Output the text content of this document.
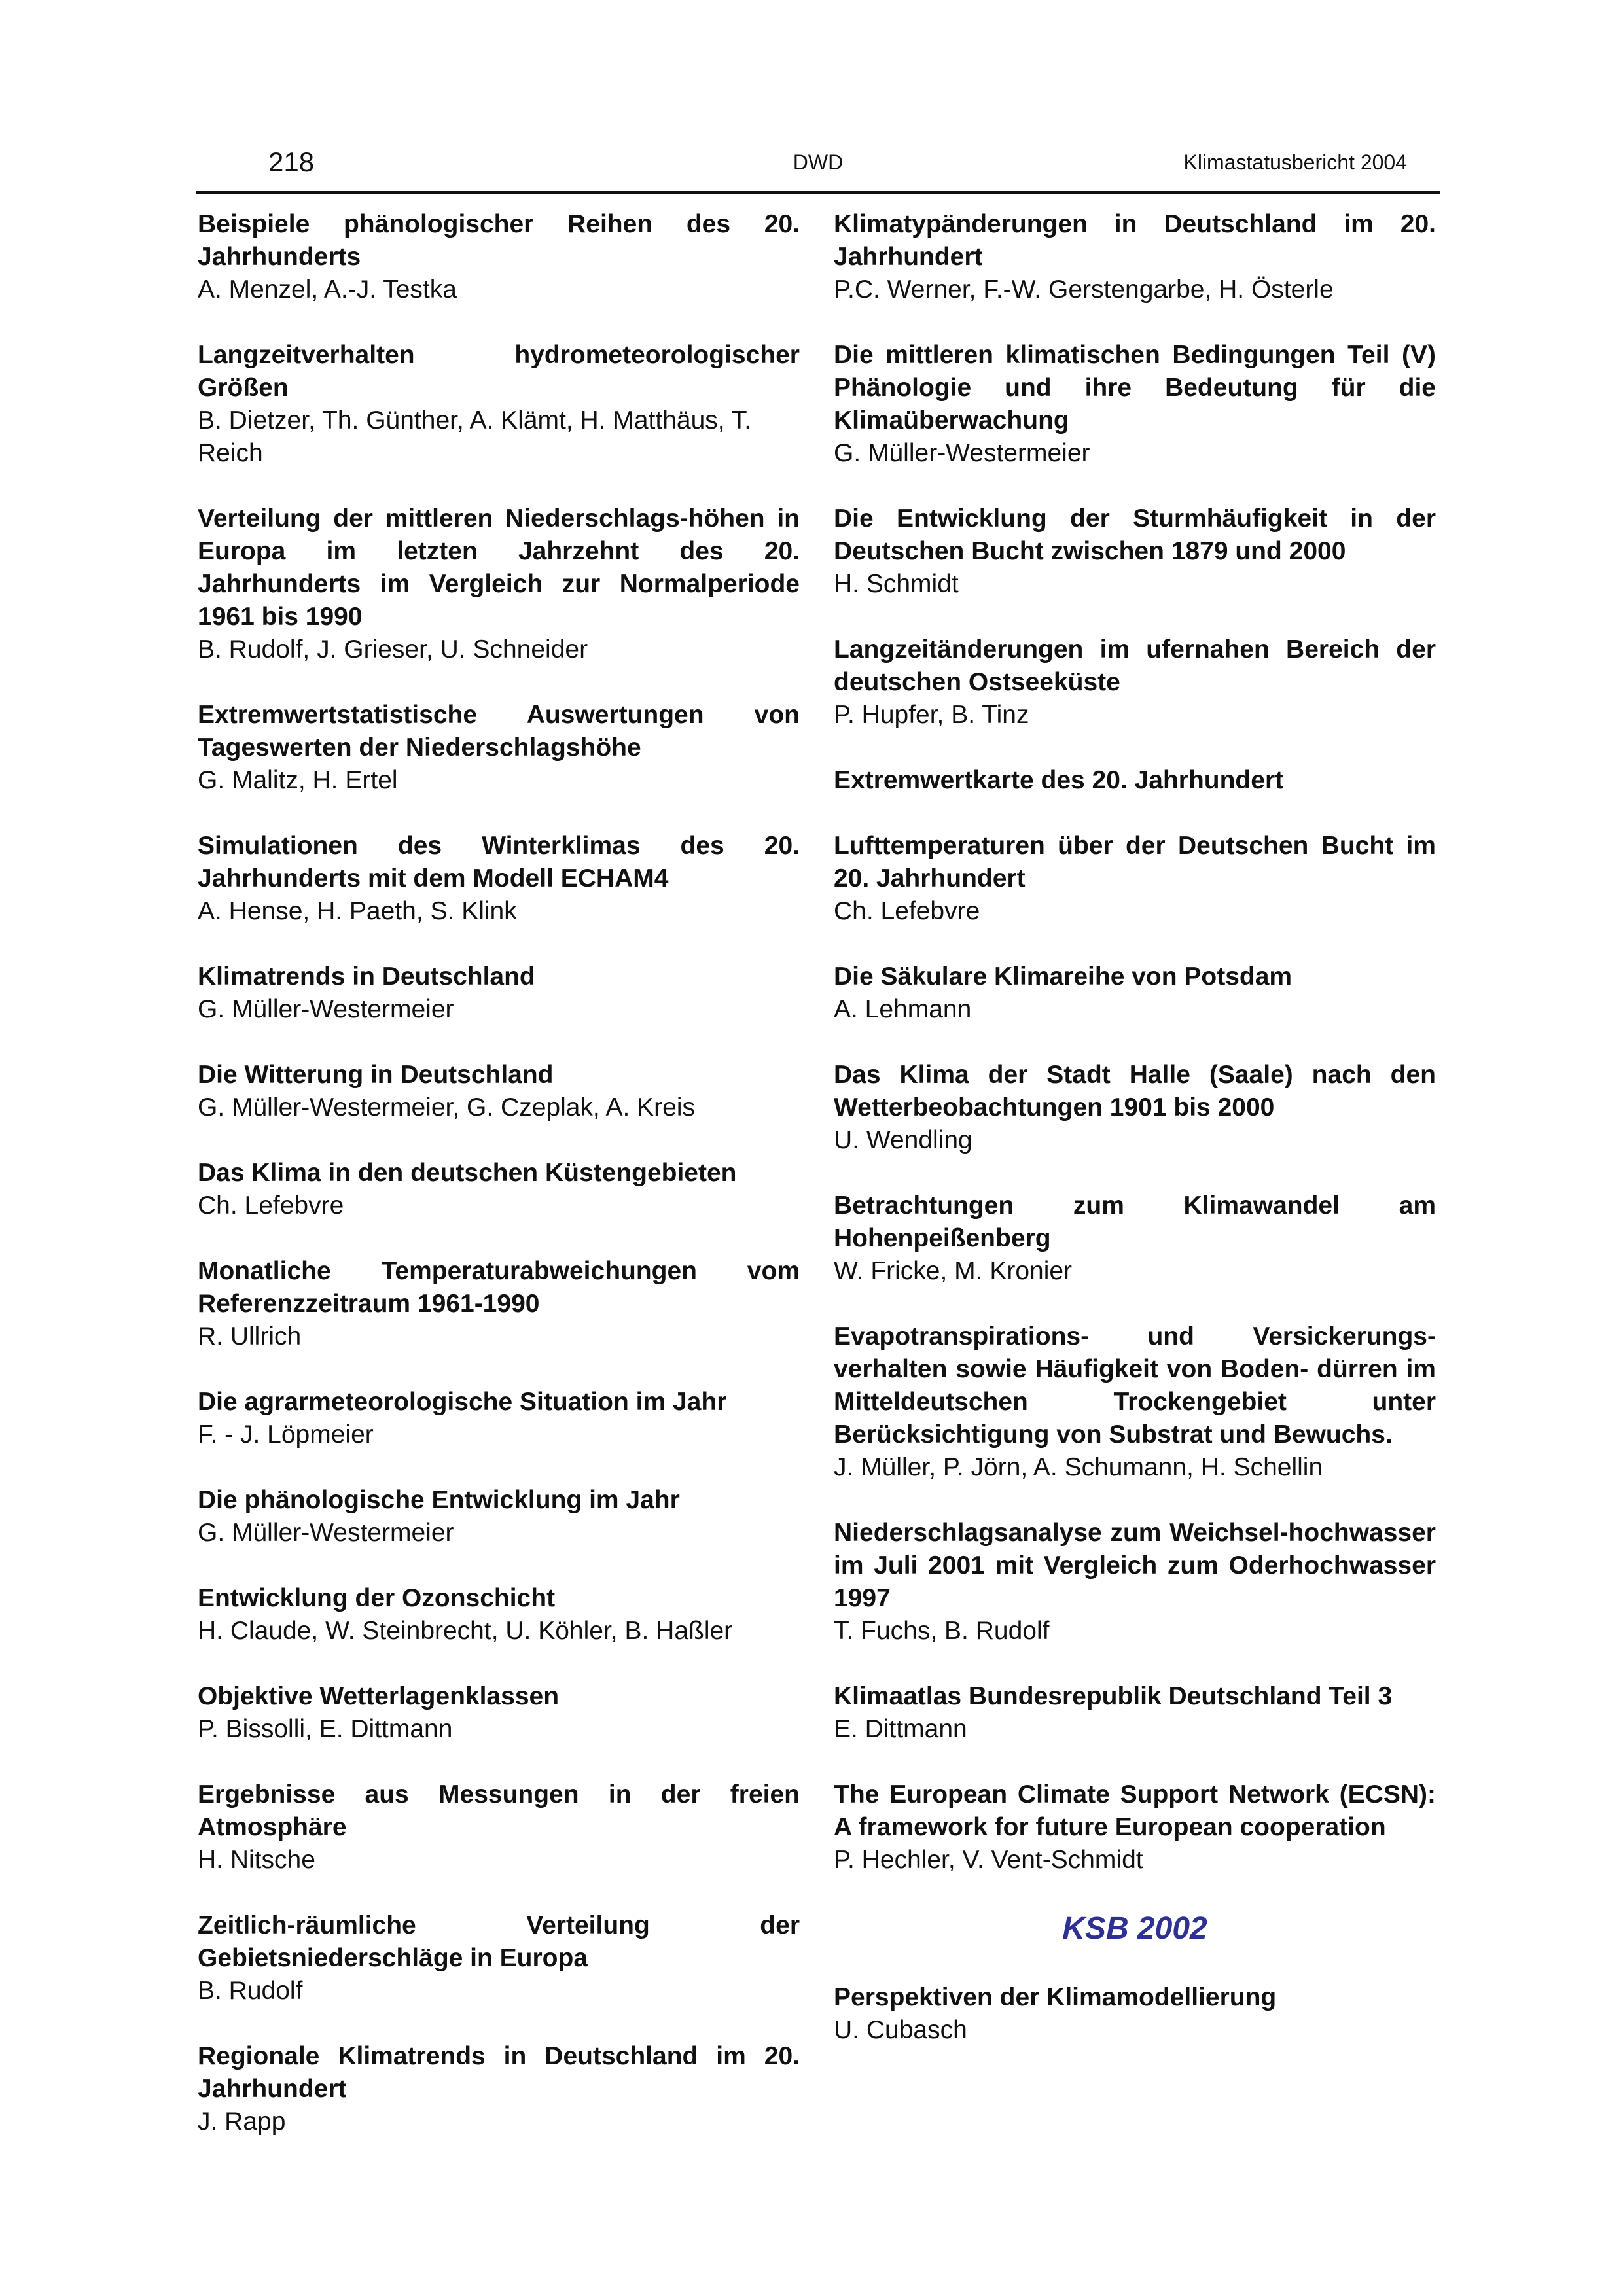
218	DWD	Klimastatusbericht 2004

Beispiele phänologischer Reihen des 20. Jahrhunderts

A. Menzel, A.-J. Testka

Langzeitverhalten hydrometeorologischer Größen

B. Dietzer, Th. Günther, A. Klämt, H. Matthäus, T. Reich

Verteilung der mittleren Niederschlags-höhen in Europa im letzten Jahrzehnt des 20. Jahrhunderts im Vergleich zur Normalperiode 1961 bis 1990

B. Rudolf, J. Grieser, U. Schneider

Extremwertstatistische Auswertungen von Tageswerten der Niederschlagshöhe

G. Malitz, H. Ertel

Simulationen des Winterklimas des 20. Jahrhunderts mit dem Modell ECHAM4

A. Hense, H. Paeth, S. Klink

Klimatrends in Deutschland

G. Müller-Westermeier

Die Witterung in Deutschland

G. Müller-Westermeier, G. Czeplak, A. Kreis

Das Klima in den deutschen Küstengebieten

Ch. Lefebvre

Monatliche Temperaturabweichungen vom Referenzzeitraum 1961-1990

R. Ullrich

Die agrarmeteorologische Situation im Jahr

F. - J. Löpmeier

Die phänologische Entwicklung im Jahr

G. Müller-Westermeier

Entwicklung der Ozonschicht

H. Claude, W. Steinbrecht, U. Köhler, B. Haßler

Objektive Wetterlagenklassen

P. Bissolli, E. Dittmann

Ergebnisse aus Messungen in der freien Atmosphäre

H. Nitsche

Zeitlich-räumliche Verteilung der Gebietsniederschläge in Europa

B. Rudolf

Regionale Klimatrends in Deutschland im 20. Jahrhundert

J. Rapp

Klimatypänderungen in Deutschland im 20. Jahrhundert

P.C. Werner, F.-W. Gerstengarbe, H. Österle

Die mittleren klimatischen Bedingungen Teil (V) Phänologie und ihre Bedeutung für die Klimaüberwachung

G. Müller-Westermeier

Die Entwicklung der Sturmhäufigkeit in der Deutschen Bucht zwischen 1879 und 2000

H. Schmidt

Langzeitänderungen im ufernahen Bereich der deutschen Ostseeküste

P. Hupfer, B. Tinz

Extremwertkarte des 20. Jahrhundert

Lufttemperaturen über der Deutschen Bucht im 20. Jahrhundert

Ch. Lefebvre

Die Säkulare Klimareihe von Potsdam

A. Lehmann

Das Klima der Stadt Halle (Saale) nach den Wetterbeobachtungen 1901 bis 2000

U. Wendling

Betrachtungen zum Klimawandel am Hohenpeißenberg

W. Fricke, M. Kronier

Evapotranspirations- und Versickerungs-verhalten sowie Häufigkeit von Boden- dürren im Mitteldeutschen Trockengebiet unter Berücksichtigung von Substrat und Bewuchs.

J. Müller, P. Jörn, A. Schumann, H. Schellin

Niederschlagsanalyse zum Weichsel-hochwasser im Juli 2001 mit Vergleich zum Oderhochwasser 1997

T. Fuchs, B. Rudolf

Klimaatlas Bundesrepublik Deutschland Teil 3

E. Dittmann

The European Climate Support Network (ECSN): A framework for future European cooperation

P. Hechler, V. Vent-Schmidt

KSB 2002

Perspektiven der Klimamodellierung

U. Cubasch
